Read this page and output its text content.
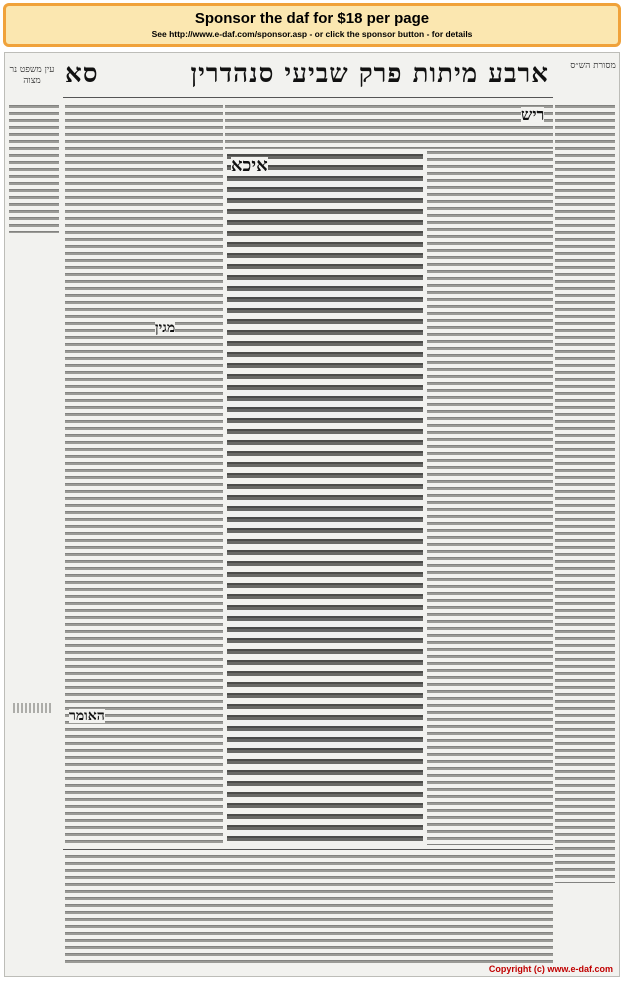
Sponsor the daf for $18 per page
See http://www.e-daf.com/sponsor.asp - or click the sponsor button - for details
ארבע מיתות פרק שביעי סנהדרין
סא
עין משפט נר מצוה
מסורת הש״ס
ריש
איכא
מגין
האומר
Copyright (c) www.e-daf.com
